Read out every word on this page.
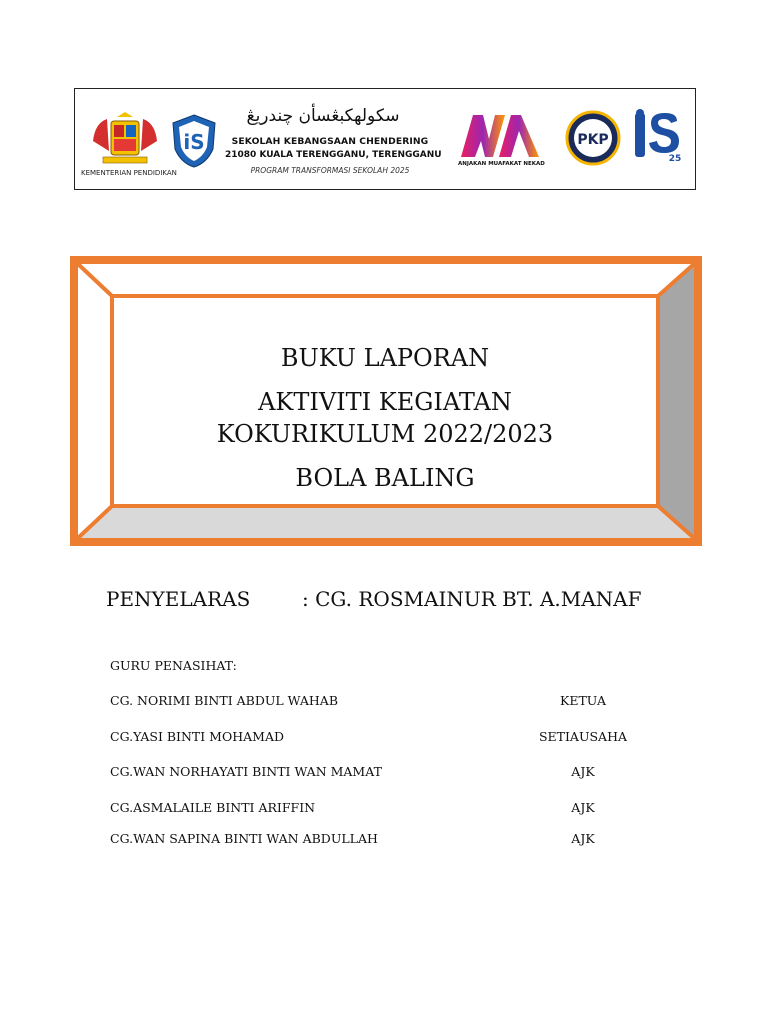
KEMENTERIAN PENDIDIKAN
iS
سكولهكبڠسأن چندريڠ
SEKOLAH KEBANGSAAN CHENDERING
21080 KUALA TERENGGANU, TERENGGANU
PROGRAM TRANSFORMASI SEKOLAH 2025
ANJAKAN MUAFAKAT NEKAD
PKP
25
BUKU LAPORAN
AKTIVITI KEGIATAN
KOKURIKULUM 2022/2023
BOLA BALING
PENYELARAS	: CG. ROSMAINUR BT. A.MANAF
GURU PENASIHAT:
CG. NORIMI BINTI ABDUL WAHAB	KETUA
CG.YASI BINTI MOHAMAD	SETIAUSAHA
CG.WAN NORHAYATI BINTI WAN MAMAT	AJK
CG.ASMALAILE BINTI ARIFFIN	AJK
CG.WAN SAPINA BINTI WAN ABDULLAH	AJK
